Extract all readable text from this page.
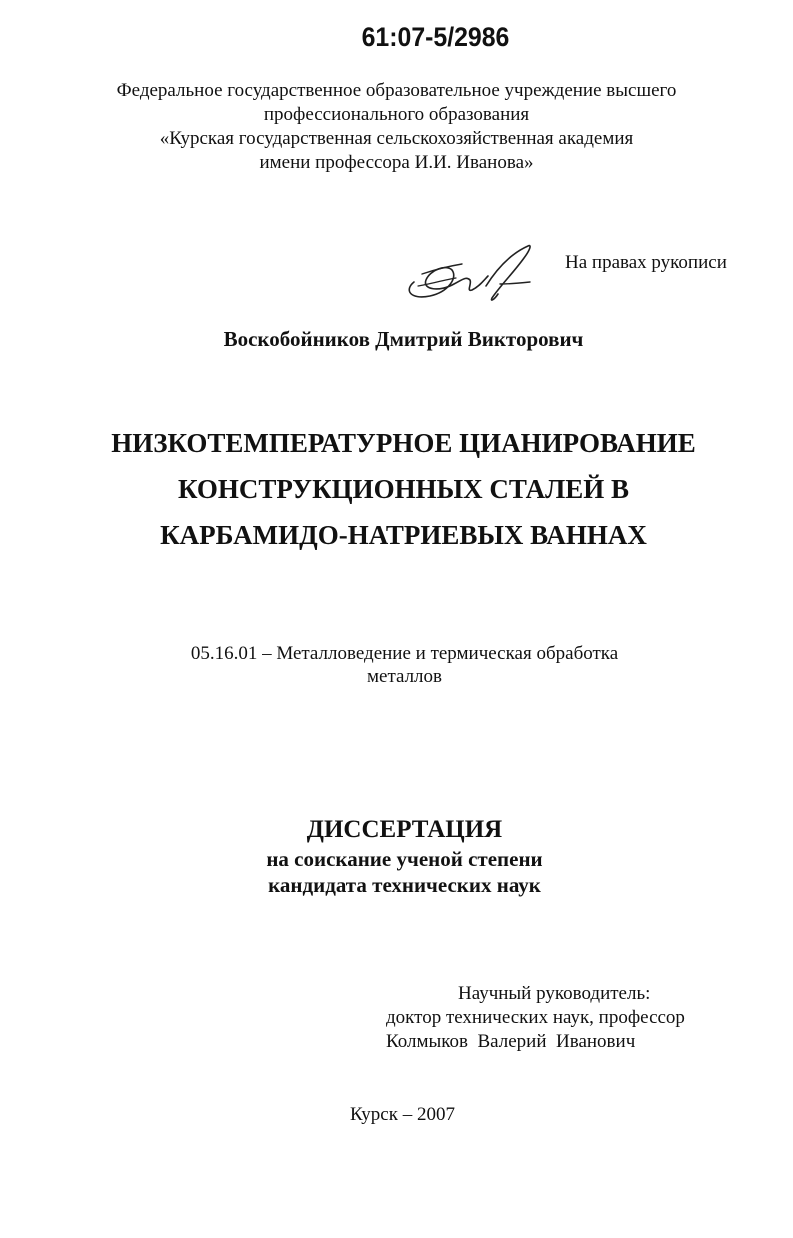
61:07-5/2986
Федеральное государственное образовательное учреждение высшего
профессионального образования
«Курская государственная сельскохозяйственная академия
имени профессора И.И. Иванова»
На правах рукописи
Воскобойников Дмитрий Викторович
НИЗКОТЕМПЕРАТУРНОЕ ЦИАНИРОВАНИЕ
КОНСТРУКЦИОННЫХ СТАЛЕЙ В
КАРБАМИДО-НАТРИЕВЫХ ВАННАХ
05.16.01 – Металловедение и термическая обработка
металлов
ДИССЕРТАЦИЯ
на соискание ученой степени
кандидата технических наук
Научный руководитель:
доктор технических наук, профессор
Колмыков  Валерий  Иванович
Курск – 2007
